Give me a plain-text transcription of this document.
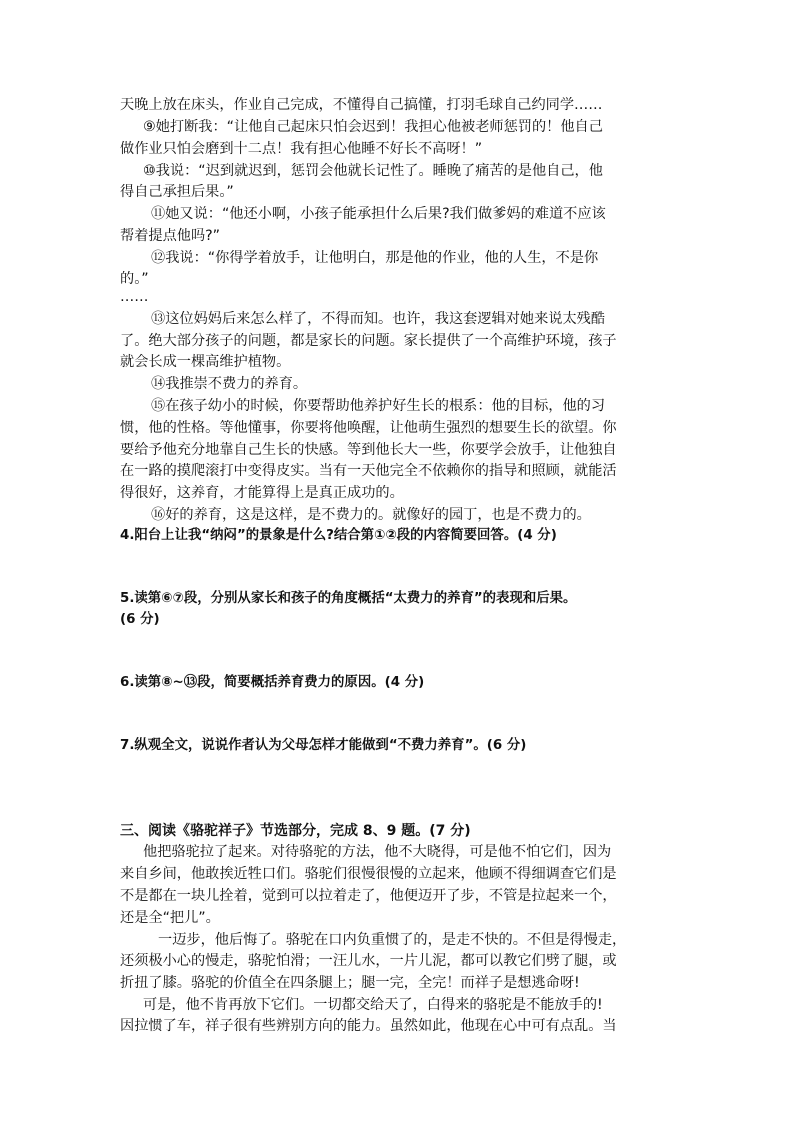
天晚上放在床头，作业自己完成，不懂得自己搞懂，打羽毛球自己约同学……
⑨她打断我：“让他自己起床只怕会迟到！我担心他被老师惩罚的！他自己
做作业只怕会磨到十二点！我有担心他睡不好长不高呀！”
⑩我说：“迟到就迟到，惩罚会他就长记性了。睡晚了痛苦的是他自己，他
得自己承担后果。”
⑪她又说：“他还小啊，小孩子能承担什么后果?我们做爹妈的难道不应该
帮着提点他吗?”
⑫我说：“你得学着放手，让他明白，那是他的作业，他的人生，不是你
的。”
……
⑬这位妈妈后来怎么样了，不得而知。也许，我这套逻辑对她来说太残酷
了。绝大部分孩子的问题，都是家长的问题。家长提供了一个高维护环境，孩子
就会长成一棵高维护植物。
⑭我推崇不费力的养育。
⑮在孩子幼小的时候，你要帮助他养护好生长的根系：他的目标，他的习
惯，他的性格。等他懂事，你要将他唤醒，让他萌生强烈的想要生长的欲望。你
要给予他充分地靠自己生长的快感。等到他长大一些，你要学会放手，让他独自
在一路的摸爬滚打中变得皮实。当有一天他完全不依赖你的指导和照顾，就能活
得很好，这养育，才能算得上是真正成功的。
⑯好的养育，这是这样，是不费力的。就像好的园丁，也是不费力的。
4.阳台上让我“纳闷”的景象是什么?结合第①②段的内容简要回答。(4 分)
5.读第⑥⑦段，分别从家长和孩子的角度概括“太费力的养育”的表现和后果。
(6 分)
6.读第⑧~⑬段，简要概括养育费力的原因。(4 分)
7.纵观全文，说说作者认为父母怎样才能做到“不费力养育”。(6 分)
三、阅读《骆驼祥子》节选部分，完成 8、9 题。(7 分)
他把骆驼拉了起来。对待骆驼的方法，他不大晓得，可是他不怕它们，因为
来自乡间，他敢挨近牲口们。骆驼们很慢很慢的立起来，他顾不得细调查它们是
不是都在一块儿拴着，觉到可以拉着走了，他便迈开了步，不管是拉起来一个，
还是全“把儿”。
一迈步，他后悔了。骆驼在口内负重惯了的，是走不快的。不但是得慢走，
还须极小心的慢走，骆驼怕滑；一汪儿水，一片儿泥，都可以教它们劈了腿，或
折扭了膝。骆驼的价值全在四条腿上；腿一完，全完！而祥子是想逃命呀!
可是，他不肯再放下它们。一切都交给天了，白得来的骆驼是不能放手的!
因拉惯了车，祥子很有些辨别方向的能力。虽然如此，他现在心中可有点乱。当
